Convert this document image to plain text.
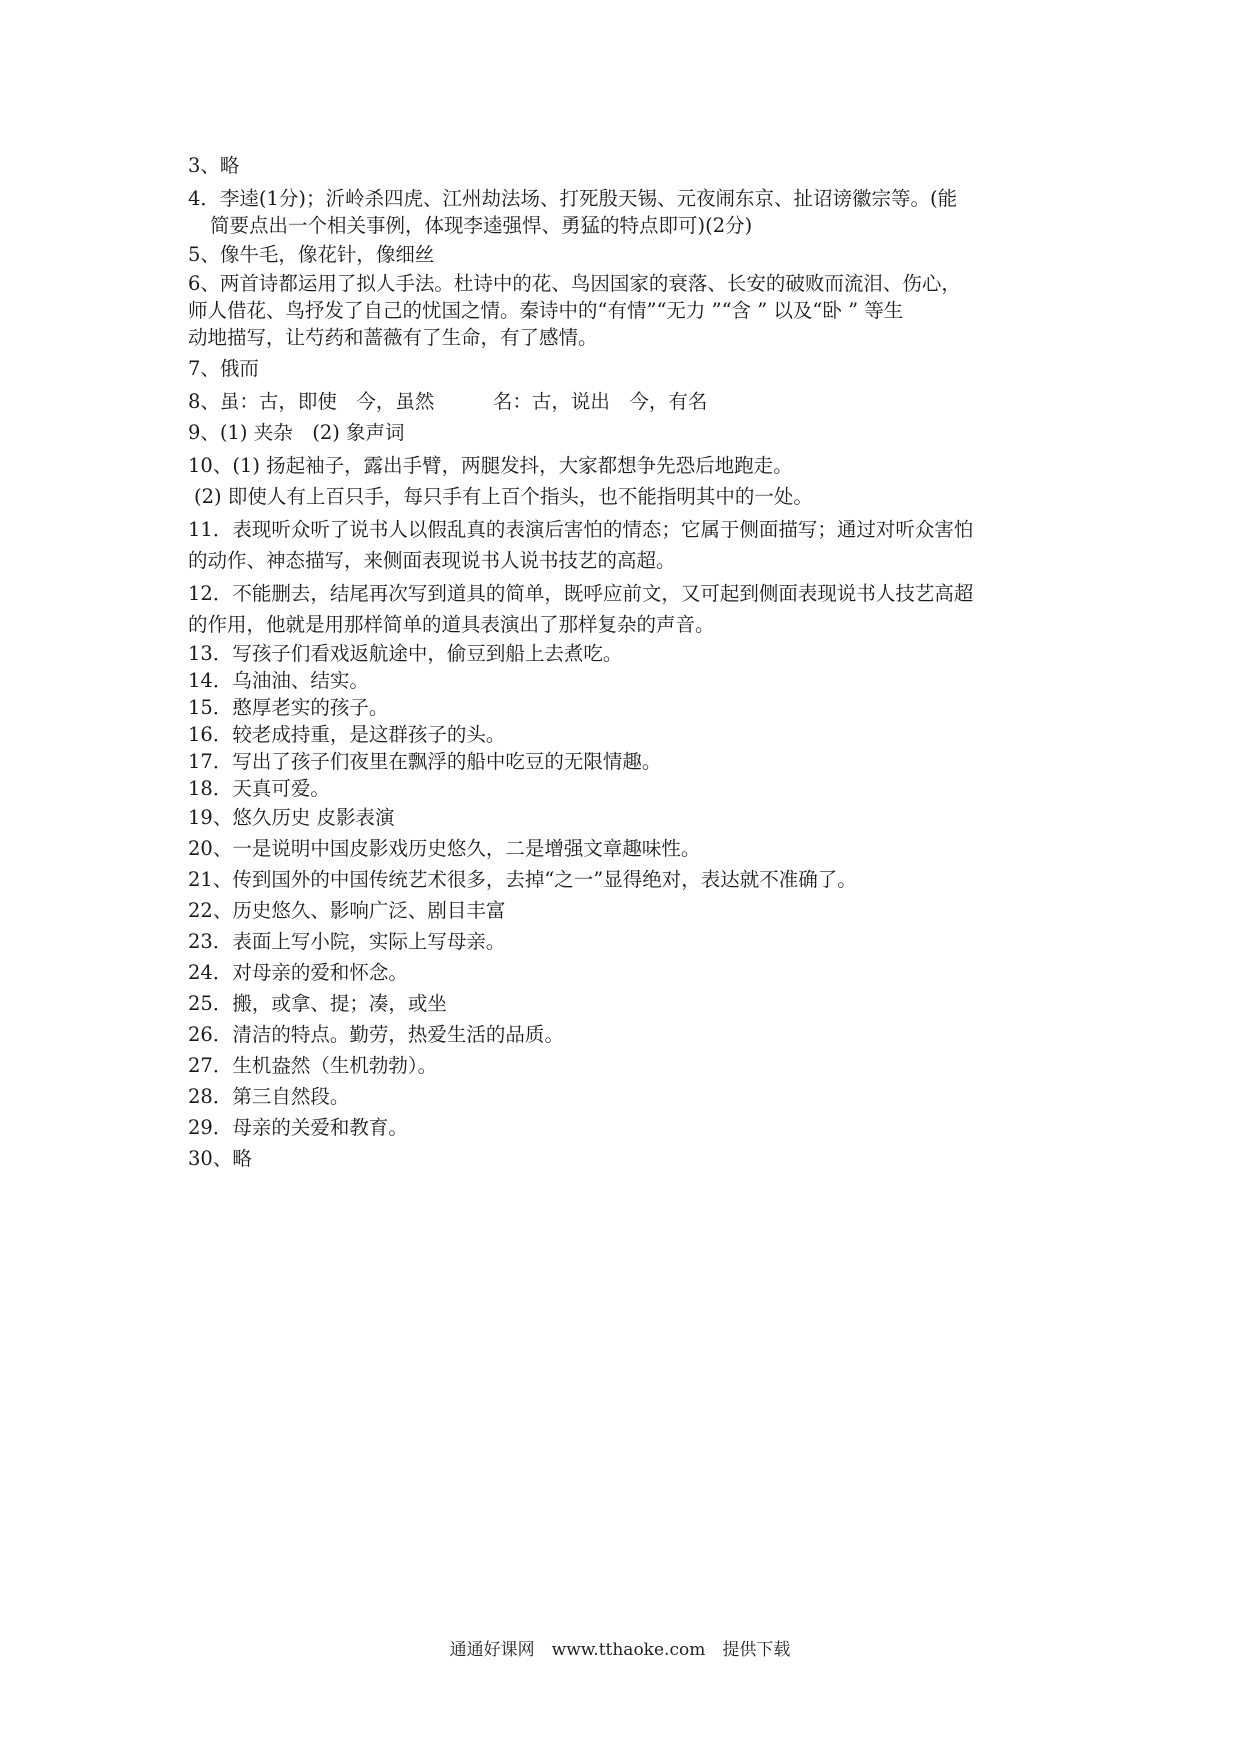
3、略
4．李逵(1分)；沂岭杀四虎、江州劫法场、打死殷天锡、元夜闹东京、扯诏谤徽宗等。(能
简要点出一个相关事例，体现李逵强悍、勇猛的特点即可)(2分)
5、像牛毛，像花针，像细丝
6、两首诗都运用了拟人手法。杜诗中的花、鸟因国家的衰落、长安的破败而流泪、伤心，
师人借花、鸟抒发了自己的忧国之情。秦诗中的“有情”“无力 ”“含 ” 以及“卧 ” 等生
动地描写，让芍药和蔷薇有了生命，有了感情。
7、俄而
8、虽：古，即使　今，虽然　　　名：古，说出　今，有名
9、(1) 夹杂　(2) 象声词
10、(1) 扬起袖子，露出手臂，两腿发抖，大家都想争先恐后地跑走。
(2) 即使人有上百只手，每只手有上百个指头，也不能指明其中的一处。
11．表现听众听了说书人以假乱真的表演后害怕的情态；它属于侧面描写；通过对听众害怕
的动作、神态描写，来侧面表现说书人说书技艺的高超。
12．不能删去，结尾再次写到道具的简单，既呼应前文，又可起到侧面表现说书人技艺高超
的作用，他就是用那样简单的道具表演出了那样复杂的声音。
13．写孩子们看戏返航途中，偷豆到船上去煮吃。
14．乌油油、结实。
15．憨厚老实的孩子。
16．较老成持重，是这群孩子的头。
17．写出了孩子们夜里在飘浮的船中吃豆的无限情趣。
18．天真可爱。
19、悠久历史 皮影表演
20、一是说明中国皮影戏历史悠久，二是增强文章趣味性。
21、传到国外的中国传统艺术很多，去掉“之一”显得绝对，表达就不准确了。
22、历史悠久、影响广泛、剧目丰富
23．表面上写小院，实际上写母亲。
24．对母亲的爱和怀念。
25．搬，或拿、提；凑，或坐
26．清洁的特点。勤劳，热爱生活的品质。
27．生机盎然（生机勃勃）。
28．第三自然段。
29．母亲的关爱和教育。
30、略
通通好课网　www.tthaoke.com　提供下载
